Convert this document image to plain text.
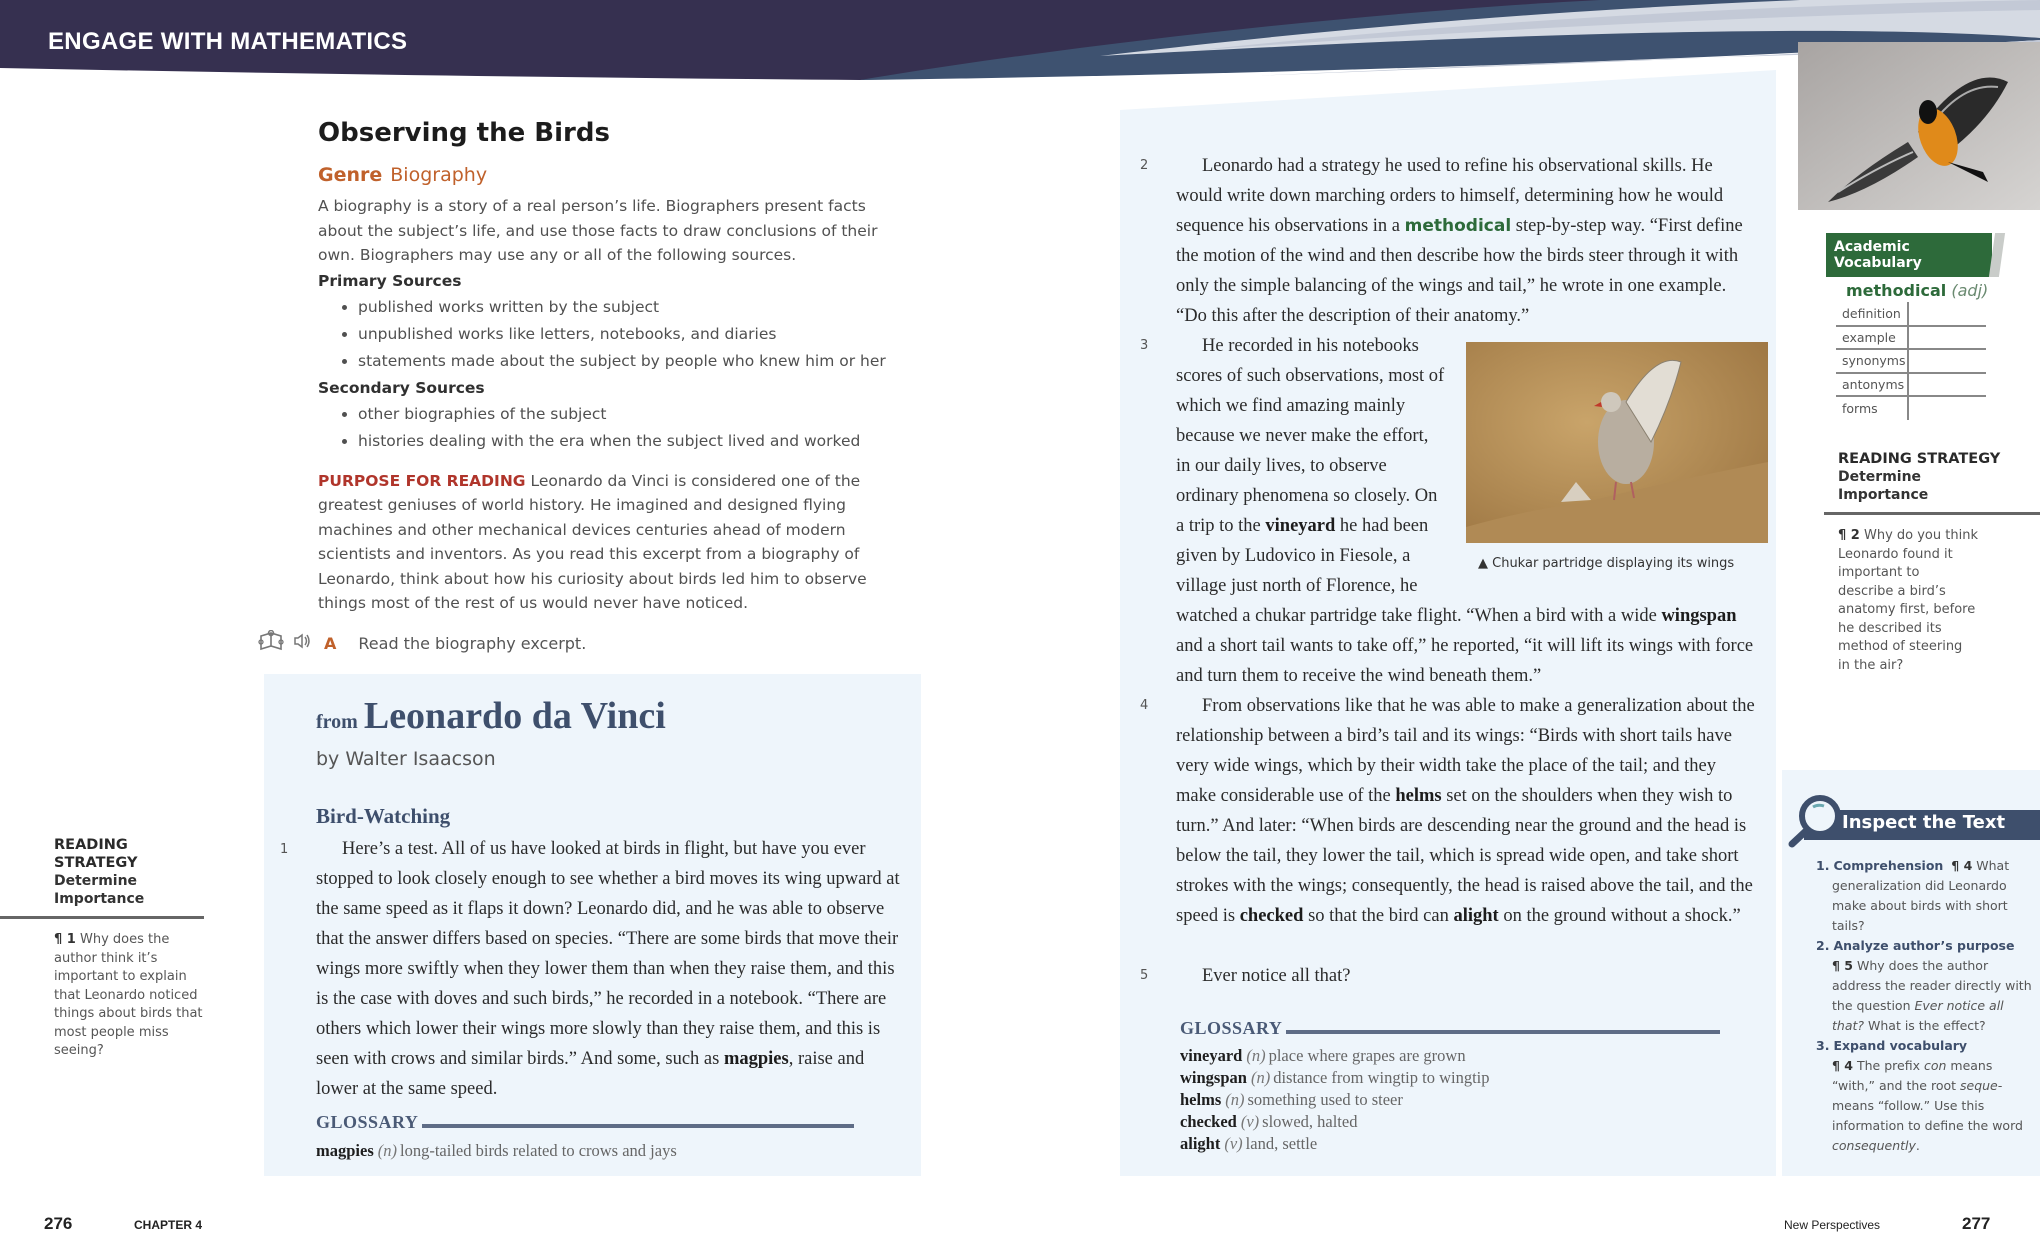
ENGAGE WITH MATHEMATICS
Observing the Birds
Genre Biography

A biography is a story of a real person’s life. Biographers present facts about the subject’s life, and use those facts to draw conclusions of their own. Biographers may use any or all of the following sources.

Primary Sources
• published works written by the subject
• unpublished works like letters, notebooks, and diaries
• statements made about the subject by people who knew him or her
Secondary Sources
• other biographies of the subject
• histories dealing with the era when the subject lived and worked

PURPOSE FOR READING Leonardo da Vinci is considered one of the greatest geniuses of world history. He imagined and designed flying machines and other mechanical devices centuries ahead of modern scientists and inventors. As you read this excerpt from a biography of Leonardo, think about how his curiosity about birds led him to observe things most of the rest of us would never have noticed.

A Read the biography excerpt.
from Leonardo da Vinci
by Walter Isaacson
Bird-Watching
1	Here’s a test. All of us have looked at birds in flight, but have you ever stopped to look closely enough to see whether a bird moves its wing upward at the same speed as it flaps it down? Leonardo did, and he was able to observe that the answer differs based on species. “There are some birds that move their wings more swiftly when they lower them than when they raise them, and this is the case with doves and such birds,” he recorded in a notebook. “There are others which lower their wings more slowly than they raise them, and this is seen with crows and similar birds.” And some, such as magpies, raise and lower at the same speed.
GLOSSARY
magpies (n) long-tailed birds related to crows and jays
READING STRATEGY
Determine
Importance
¶ 1 Why does the author think it’s important to explain that Leonardo noticed things about birds that most people miss seeing?
2	Leonardo had a strategy he used to refine his observational skills. He would write down marching orders to himself, determining how he would sequence his observations in a methodical step-by-step way. “First define the motion of the wind and then describe how the birds steer through it with only the simple balancing of the wings and tail,” he wrote in one example. “Do this after the description of their anatomy.”
3	He recorded in his notebooks scores of such observations, most of which we find amazing mainly because we never make the effort, in our daily lives, to observe ordinary phenomena so closely. On a trip to the vineyard he had been given by Ludovico in Fiesole, a village just north of Florence, he watched a chukar partridge take flight. “When a bird with a wide wingspan and a short tail wants to take off,” he reported, “it will lift its wings with force and turn them to receive the wind beneath them.”
▲ Chukar partridge displaying its wings
4	From observations like that he was able to make a generalization about the relationship between a bird’s tail and its wings: “Birds with short tails have very wide wings, which by their width take the place of the tail; and they make considerable use of the helms set on the shoulders when they wish to turn.” And later: “When birds are descending near the ground and the head is below the tail, they lower the tail, which is spread wide open, and take short strokes with the wings; consequently, the head is raised above the tail, and the speed is checked so that the bird can alight on the ground without a shock.”
5	Ever notice all that?
GLOSSARY
vineyard (n) place where grapes are grown
wingspan (n) distance from wingtip to wingtip
helms (n) something used to steer
checked (v) slowed, halted
alight (v) land, settle
Academic Vocabulary
methodical (adj)
definition	
example	
synonyms	
antonyms	
forms	
READING STRATEGY
Determine
Importance
¶ 2 Why do you think Leonardo found it important to describe a bird’s anatomy first, before he described its method of steering in the air?
Inspect the Text
1. Comprehension ¶ 4 What generalization did Leonardo make about birds with short tails?
2. Analyze author’s purpose
¶ 5 Why does the author address the reader directly with the question Ever notice all that? What is the effect?
3. Expand vocabulary
¶ 4 The prefix con means “with,” and the root seque- means “follow.” Use this information to define the word consequently.
276	CHAPTER 4	New Perspectives	277
